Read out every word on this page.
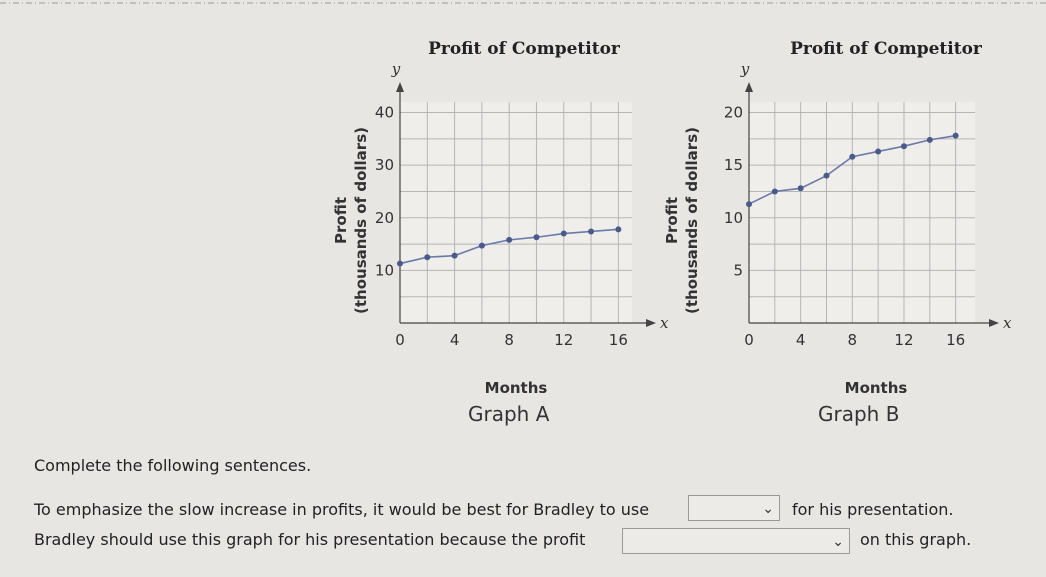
x
y
Profit of Competitor
0	4	8	12 16
10
20
30
40
Months
Profit (thousands of dollars)
Graph A
x
y
Profit of Competitor
0	4	8 12 16
5
10
15
20
Months
Profit (thousands of dollars)
Graph B
Complete the following sentences.
To emphasize the slow increase in profits, it would be best for Bradley to use	⌄ for his presentation.
Bradley should use this graph for his presentation because the profit	⌄ on this graph.
